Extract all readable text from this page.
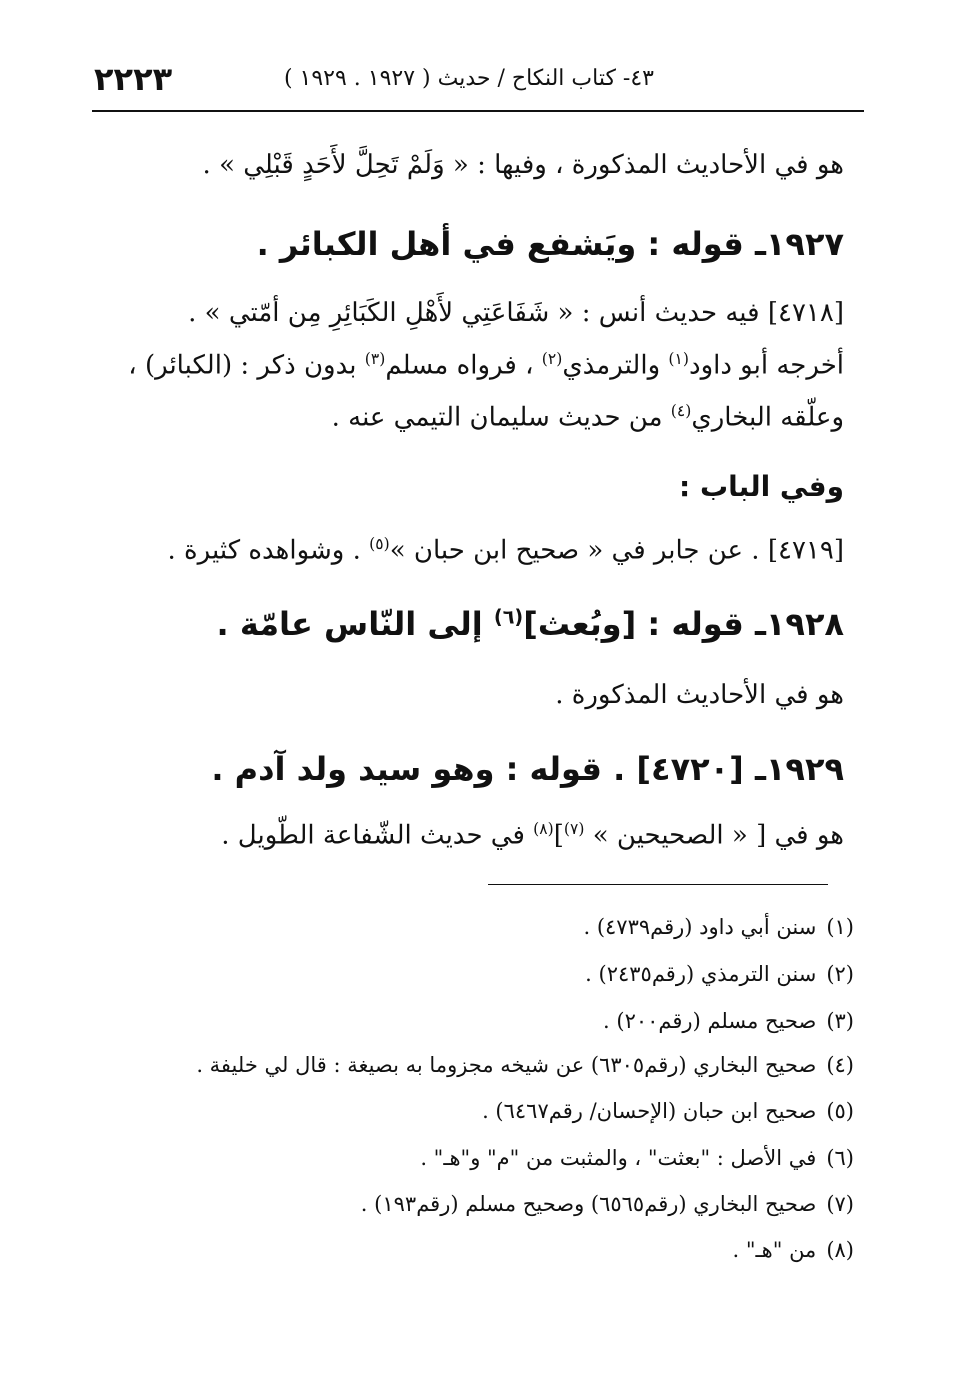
٢٢٢٣	٤٣- كتاب النكاح / حديث ( ١٩٢٧ . ١٩٢٩ )
هو في الأحاديث المذكورة ، وفيها : « وَلَمْ تَحِلَّ لأَحَدٍ قَبْلِي » .
١٩٢٧ـ قوله : ويَشفع في أهل الكبائر .
[٤٧١٨] فيه حديث أنس : « شَفَاعَتِي لأَهْلِ الكَبَائِرِ مِن أمّتي » .
أخرجه أبو داود$^{(١)}$ والترمذي$^{(٢)}$ ، فرواه مسلم$^{(٣)}$ بدون ذكر : (الكبائر) ،
وعلّقه البخاري$^{(٤)}$ من حديث سليمان التيمي عنه .
وفي الباب :
[٤٧١٩] . عن جابر في « صحيح ابن حبان »$^{(٥)}$ . وشواهده كثيرة .
١٩٢٨ـ قوله : [وبُعث]$^{(٦)}$ إلى النّاس عامّة .
هو في الأحاديث المذكورة .
١٩٢٩ـ [٤٧٢٠] . قوله : وهو سيد ولد آدم .
هو في [ « الصحيحين » $^{(٧)}$]$^{(٨)}$ في حديث الشّفاعة الطّويل .
(١)سنن أبي داود (رقم٤٧٣٩) .
(٢)سنن الترمذي (رقم٢٤٣٥) .
(٣)صحيح مسلم (رقم٢٠٠) .
(٤)صحيح البخاري (رقم٦٣٠٥) عن شيخه مجزوما به بصيغة : قال لي خليفة .
(٥)صحيح ابن حبان (الإحسان/ رقم٦٤٦٧) .
(٦)في الأصل : "بعثت" ، والمثبت من "م" و"هـ" .
(٧)صحيح البخاري (رقم٦٥٦٥) وصحيح مسلم (رقم١٩٣) .
(٨)من "هـ" .
